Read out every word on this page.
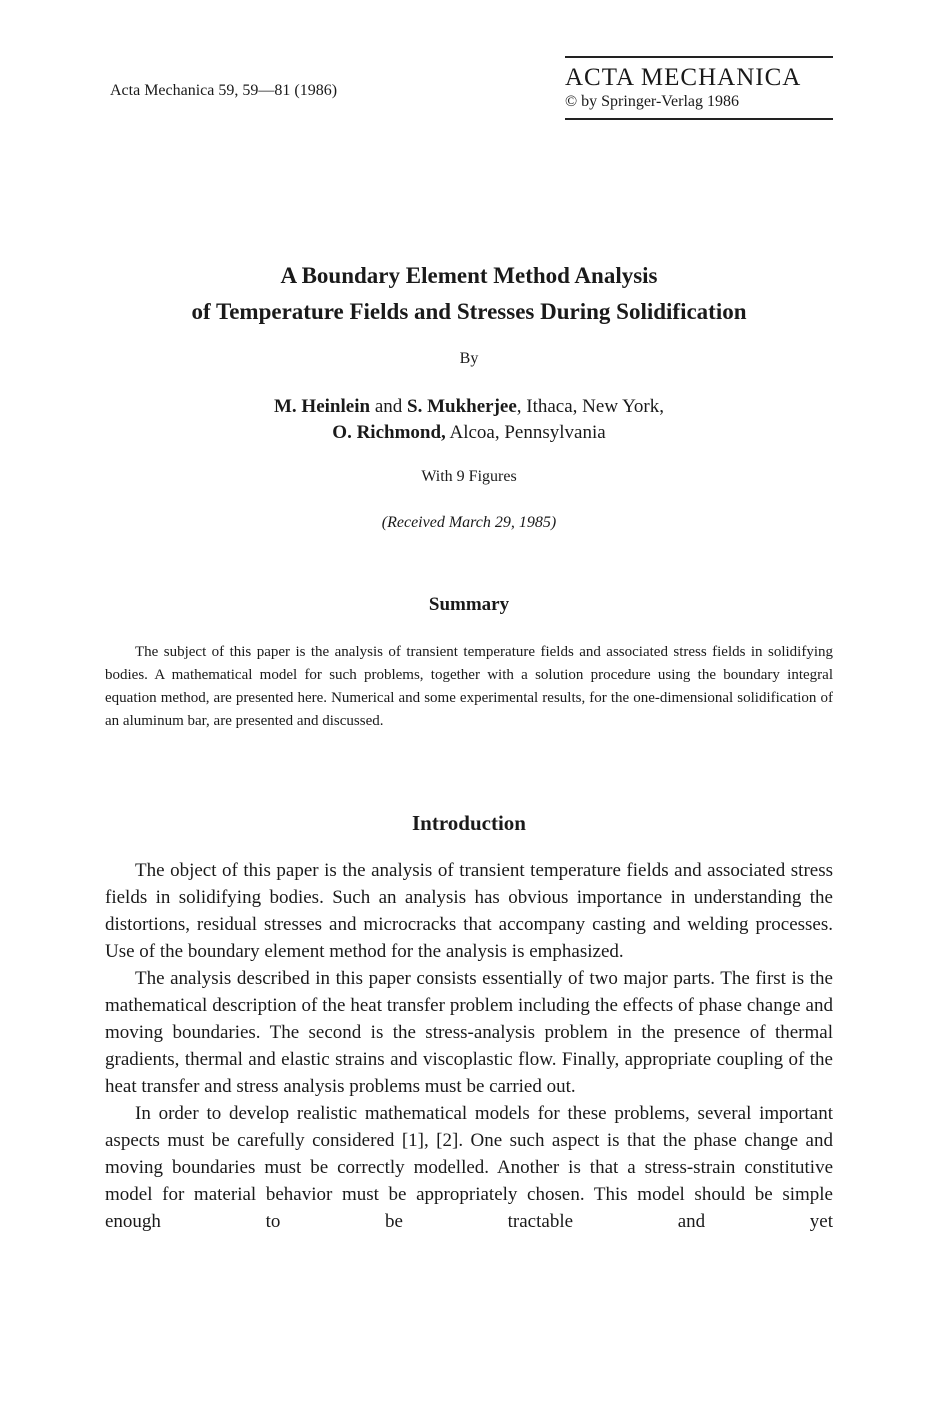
Acta Mechanica 59, 59—81 (1986)	ACTA MECHANICA
© by Springer-Verlag 1986
A Boundary Element Method Analysis
of Temperature Fields and Stresses During Solidification
By
M. Heinlein and S. Mukherjee, Ithaca, New York,
O. Richmond, Alcoa, Pennsylvania
With 9 Figures
(Received March 29, 1985)
Summary

The subject of this paper is the analysis of transient temperature fields and associated stress fields in solidifying bodies. A mathematical model for such problems, together with a solution procedure using the boundary integral equation method, are presented here. Numerical and some experimental results, for the one-dimensional solidification of an aluminum bar, are presented and discussed.

Introduction

The object of this paper is the analysis of transient temperature fields and associated stress fields in solidifying bodies. Such an analysis has obvious importance in understanding the distortions, residual stresses and microcracks that accompany casting and welding processes. Use of the boundary element method for the analysis is emphasized.

The analysis described in this paper consists essentially of two major parts. The first is the mathematical description of the heat transfer problem including the effects of phase change and moving boundaries. The second is the stress-analysis problem in the presence of thermal gradients, thermal and elastic strains and viscoplastic flow. Finally, appropriate coupling of the heat transfer and stress analysis problems must be carried out.

In order to develop realistic mathematical models for these problems, several important aspects must be carefully considered [1], [2]. One such aspect is that the phase change and moving boundaries must be correctly modelled. Another is that a stress-strain constitutive model for material behavior must be appropriately chosen. This model should be simple enough to be tractable and yet
